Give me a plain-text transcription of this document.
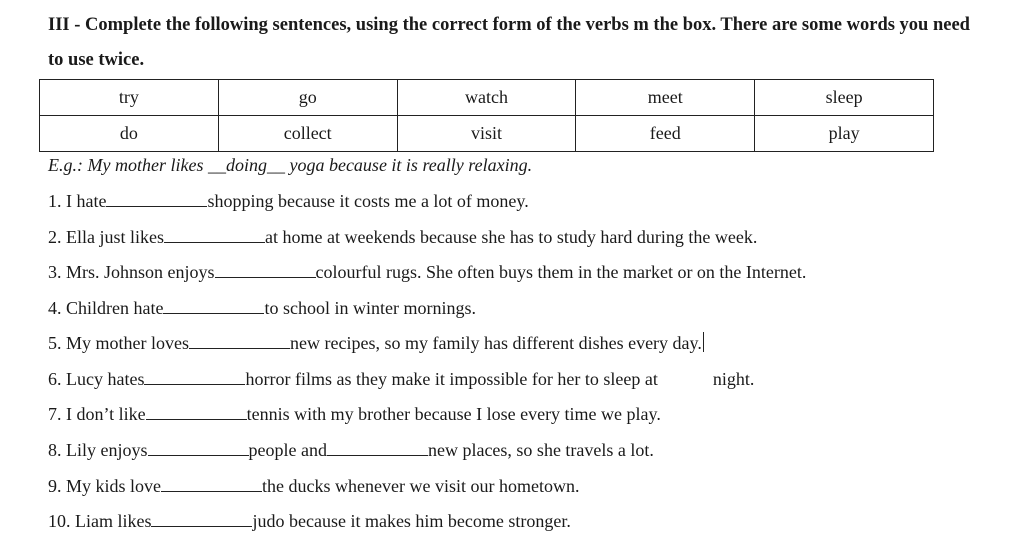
III - Complete the following sentences, using the correct form of the verbs m the box. There are some words you need to use twice.
try	go	watch	meet	sleep
do	collect	visit	feed	play
E.g.: My mother likes __doing__ yoga because it is really relaxing.
1. I hate	shopping because it costs me a lot of money.
2. Ella just likes	at home at weekends because she has to study hard during the week.
3. Mrs. Johnson enjoys	colourful rugs. She often buys them in the market or on the Internet.
4. Children hate	to school in winter mornings.
5. My mother loves	new recipes, so my family has different dishes every day.
6. Lucy hates	horror films as they make it impossible for her to sleep at	night.
7. I don’t like	tennis with my brother because I lose every time we play.
8. Lily enjoys	people and	new places, so she travels a lot.
9. My kids love	the ducks whenever we visit our hometown.
10. Liam likes	judo because it makes him become stronger.
